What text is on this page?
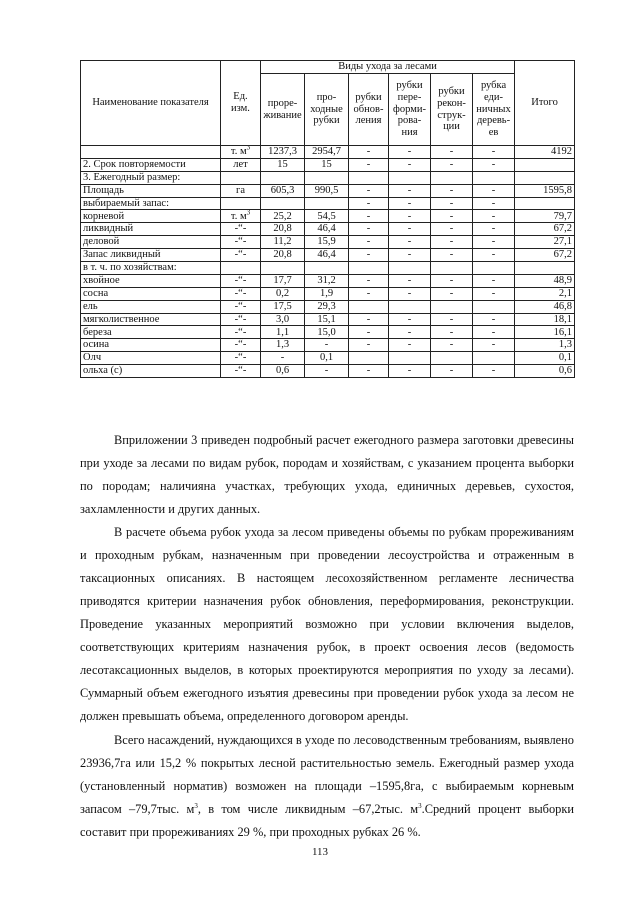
Наименование показателя	Ед. изм.	Виды ухода за лесами						Итого
		проре-живание	про-ходные рубки	рубки обнов-ления	рубки пере-форми-рова-ния	рубки рекон-струк-ции	рубка еди-ничных деревь-ев	
	т. $м^3$	1237,3	2954,7	-	-	-	-	4192
2. Срок повторяемости	лет	15	15	-	-	-	-	
3. Ежегодный размер:								
Площадь	га	605,3	990,5	-	-	-	-	1595,8
выбираемый запас:				-	-	-	-	
корневой	т. $м^3$	25,2	54,5	-	-	-	-	79,7
ликвидный	-“-	20,8	46,4	-	-	-	-	67,2
деловой	-“-	11,2	15,9	-	-	-	-	27,1
Запас ликвидный	-“-	20,8	46,4	-	-	-	-	67,2
в т. ч. по хозяйствам:								
хвойное	-“-	17,7	31,2	-	-	-	-	48,9
сосна	-“-	0,2	1,9	-	-	-	-	2,1
ель	-“-	17,5	29,3					46,8
мягколиственное	-“-	3,0	15,1	-	-	-	-	18,1
береза	-“-	1,1	15,0	-	-	-	-	16,1
осина	-“-	1,3	-	-	-	-	-	1,3
Олч	-“-	-	0,1					0,1
ольха (с)	-“-	0,6	-	-	-	-	-	0,6

Вприложении 3 приведен подробный расчет ежегодного размера заготовки древесины при уходе за лесами по видам рубок, породам и хозяйствам, с указанием процента выборки по породам; наличияна участках, требующих ухода, единичных деревьев, сухостоя, захламленности и других данных.

В расчете объема рубок ухода за лесом приведены объемы по рубкам прореживаниям и проходным рубкам, назначенным при проведении лесоустройства и отраженным в таксационных описаниях. В настоящем лесохозяйственном регламенте лесничества приводятся критерии назначения рубок обновления, переформирования, реконструкции. Проведение указанных мероприятий возможно при условии включения выделов, соответствующих критериям назначения рубок, в проект освоения лесов (ведомость лесотаксационных выделов, в которых проектируются мероприятия по уходу за лесами). Суммарный объем ежегодного изъятия древесины при проведении рубок ухода за лесом не должен превышать объема, определенного договором аренды.

Всего насаждений, нуждающихся в уходе по лесоводственным требованиям, выявлено 23936,7га или 15,2 % покрытых лесной растительностью земель. Ежегодный размер ухода (установленный норматив) возможен на площади –1595,8га, с выбираемым корневым запасом –79,7тыс. $м^3$, в том числе ликвидным –67,2тыс. $м^3.Средний$ процент выборки составит при прореживаниях 29 %, при проходных рубках 26 %.

113
